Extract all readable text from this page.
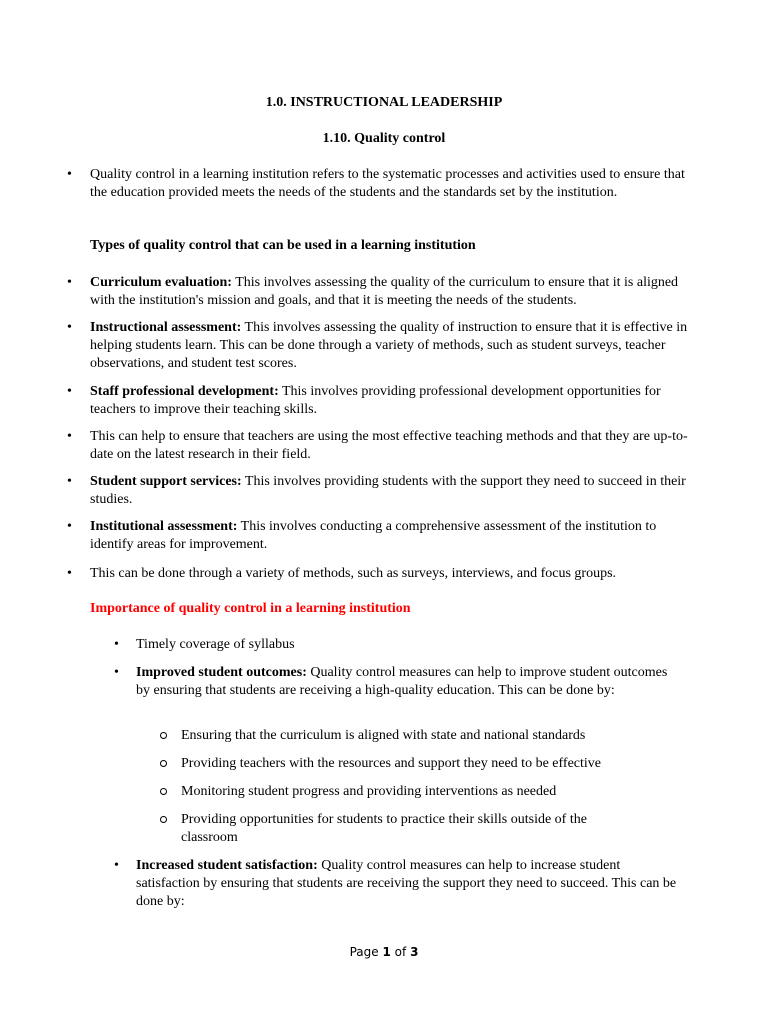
1.0. INSTRUCTIONAL LEADERSHIP
1.10. Quality control
• Quality control in a learning institution refers to the systematic processes and activities used to ensure that the education provided meets the needs of the students and the standards set by the institution.
Types of quality control that can be used in a learning institution
• Curriculum evaluation: This involves assessing the quality of the curriculum to ensure that it is aligned with the institution's mission and goals, and that it is meeting the needs of the students.
• Instructional assessment: This involves assessing the quality of instruction to ensure that it is effective in helping students learn. This can be done through a variety of methods, such as student surveys, teacher observations, and student test scores.
• Staff professional development: This involves providing professional development opportunities for teachers to improve their teaching skills.
• This can help to ensure that teachers are using the most effective teaching methods and that they are up-to-date on the latest research in their field.
• Student support services: This involves providing students with the support they need to succeed in their studies.
• Institutional assessment: This involves conducting a comprehensive assessment of the institution to identify areas for improvement.
• This can be done through a variety of methods, such as surveys, interviews, and focus groups.
Importance of quality control in a learning institution
• Timely coverage of syllabus
• Improved student outcomes: Quality control measures can help to improve student outcomes by ensuring that students are receiving a high-quality education. This can be done by:
Ensuring that the curriculum is aligned with state and national standards
Providing teachers with the resources and support they need to be effective
Monitoring student progress and providing interventions as needed
Providing opportunities for students to practice their skills outside of the classroom
• Increased student satisfaction: Quality control measures can help to increase student satisfaction by ensuring that students are receiving the support they need to succeed. This can be done by:
Page 1 of 3
